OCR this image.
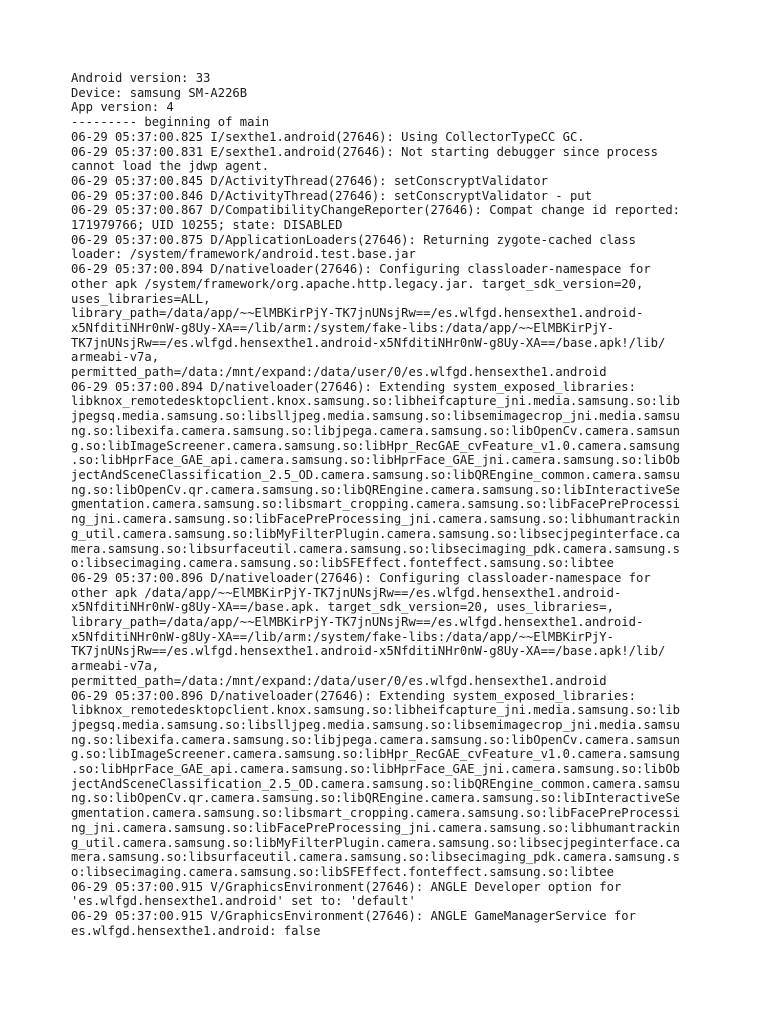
Android version: 33
Device: samsung SM-A226B
App version: 4
--------- beginning of main
06-29 05:37:00.825 I/sexthe1.android(27646): Using CollectorTypeCC GC.
06-29 05:37:00.831 E/sexthe1.android(27646): Not starting debugger since process
cannot load the jdwp agent.
06-29 05:37:00.845 D/ActivityThread(27646): setConscryptValidator
06-29 05:37:00.846 D/ActivityThread(27646): setConscryptValidator - put
06-29 05:37:00.867 D/CompatibilityChangeReporter(27646): Compat change id reported:
171979766; UID 10255; state: DISABLED
06-29 05:37:00.875 D/ApplicationLoaders(27646): Returning zygote-cached class
loader: /system/framework/android.test.base.jar
06-29 05:37:00.894 D/nativeloader(27646): Configuring classloader-namespace for
other apk /system/framework/org.apache.http.legacy.jar. target_sdk_version=20,
uses_libraries=ALL,
library_path=/data/app/~~ElMBKirPjY-TK7jnUNsjRw==/es.wlfgd.hensexthe1.android-
x5NfditiNHr0nW-g8Uy-XA==/lib/arm:/system/fake-libs:/data/app/~~ElMBKirPjY-
TK7jnUNsjRw==/es.wlfgd.hensexthe1.android-x5NfditiNHr0nW-g8Uy-XA==/base.apk!/lib/
armeabi-v7a,
permitted_path=/data:/mnt/expand:/data/user/0/es.wlfgd.hensexthe1.android
06-29 05:37:00.894 D/nativeloader(27646): Extending system_exposed_libraries:
libknox_remotedesktopclient.knox.samsung.so:libheifcapture_jni.media.samsung.so:lib
jpegsq.media.samsung.so:libslljpeg.media.samsung.so:libsemimagecrop_jni.media.samsu
ng.so:libexifa.camera.samsung.so:libjpega.camera.samsung.so:libOpenCv.camera.samsun
g.so:libImageScreener.camera.samsung.so:libHpr_RecGAE_cvFeature_v1.0.camera.samsung
.so:libHprFace_GAE_api.camera.samsung.so:libHprFace_GAE_jni.camera.samsung.so:libOb
jectAndSceneClassification_2.5_OD.camera.samsung.so:libQREngine_common.camera.samsu
ng.so:libOpenCv.qr.camera.samsung.so:libQREngine.camera.samsung.so:libInteractiveSe
gmentation.camera.samsung.so:libsmart_cropping.camera.samsung.so:libFacePreProcessi
ng_jni.camera.samsung.so:libFacePreProcessing_jni.camera.samsung.so:libhumantrackin
g_util.camera.samsung.so:libMyFilterPlugin.camera.samsung.so:libsecjpeginterface.ca
mera.samsung.so:libsurfaceutil.camera.samsung.so:libsecimaging_pdk.camera.samsung.s
o:libsecimaging.camera.samsung.so:libSFEffect.fonteffect.samsung.so:libtee
06-29 05:37:00.896 D/nativeloader(27646): Configuring classloader-namespace for
other apk /data/app/~~ElMBKirPjY-TK7jnUNsjRw==/es.wlfgd.hensexthe1.android-
x5NfditiNHr0nW-g8Uy-XA==/base.apk. target_sdk_version=20, uses_libraries=,
library_path=/data/app/~~ElMBKirPjY-TK7jnUNsjRw==/es.wlfgd.hensexthe1.android-
x5NfditiNHr0nW-g8Uy-XA==/lib/arm:/system/fake-libs:/data/app/~~ElMBKirPjY-
TK7jnUNsjRw==/es.wlfgd.hensexthe1.android-x5NfditiNHr0nW-g8Uy-XA==/base.apk!/lib/
armeabi-v7a,
permitted_path=/data:/mnt/expand:/data/user/0/es.wlfgd.hensexthe1.android
06-29 05:37:00.896 D/nativeloader(27646): Extending system_exposed_libraries:
libknox_remotedesktopclient.knox.samsung.so:libheifcapture_jni.media.samsung.so:lib
jpegsq.media.samsung.so:libslljpeg.media.samsung.so:libsemimagecrop_jni.media.samsu
ng.so:libexifa.camera.samsung.so:libjpega.camera.samsung.so:libOpenCv.camera.samsun
g.so:libImageScreener.camera.samsung.so:libHpr_RecGAE_cvFeature_v1.0.camera.samsung
.so:libHprFace_GAE_api.camera.samsung.so:libHprFace_GAE_jni.camera.samsung.so:libOb
jectAndSceneClassification_2.5_OD.camera.samsung.so:libQREngine_common.camera.samsu
ng.so:libOpenCv.qr.camera.samsung.so:libQREngine.camera.samsung.so:libInteractiveSe
gmentation.camera.samsung.so:libsmart_cropping.camera.samsung.so:libFacePreProcessi
ng_jni.camera.samsung.so:libFacePreProcessing_jni.camera.samsung.so:libhumantrackin
g_util.camera.samsung.so:libMyFilterPlugin.camera.samsung.so:libsecjpeginterface.ca
mera.samsung.so:libsurfaceutil.camera.samsung.so:libsecimaging_pdk.camera.samsung.s
o:libsecimaging.camera.samsung.so:libSFEffect.fonteffect.samsung.so:libtee
06-29 05:37:00.915 V/GraphicsEnvironment(27646): ANGLE Developer option for
'es.wlfgd.hensexthe1.android' set to: 'default'
06-29 05:37:00.915 V/GraphicsEnvironment(27646): ANGLE GameManagerService for
es.wlfgd.hensexthe1.android: false
